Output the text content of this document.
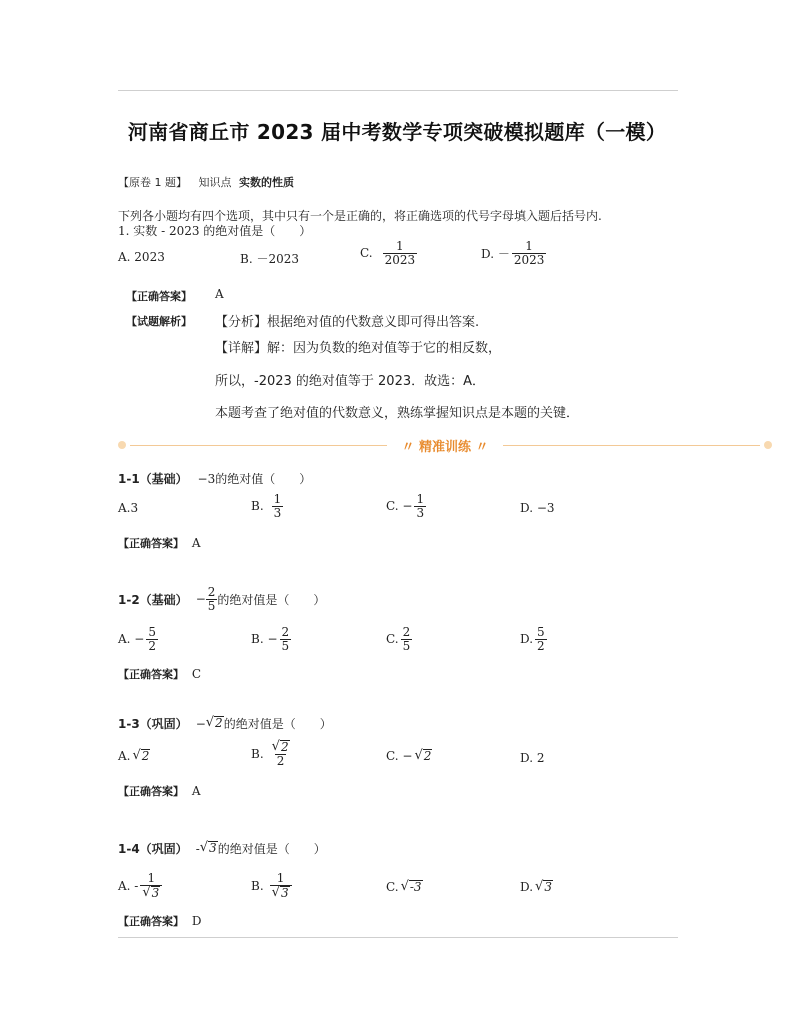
河南省商丘市 2023 届中考数学专项突破模拟题库（一模）
【原卷 1 题】 知识点 实数的性质
下列各小题均有四个选项，其中只有一个是正确的，将正确选项的代号字母填入题后括号内.
1. 实数 - 2023 的绝对值是（　　）
A. 2023	B. －2023	C. $\frac{1}{2023}$	D. － $\frac{1}{2023}$
【正确答案】 A
【试题解析】 【分析】根据绝对值的代数意义即可得出答案.
【详解】解：因为负数的绝对值等于它的相反数，
所以，-2023 的绝对值等于 2023．故选：A．
本题考查了绝对值的代数意义，熟练掌握知识点是本题的关键．
〃 精准训练 〃
1-1（基础） −3的绝对值（　　）
A.3	B. $\frac{1}{3}$	C. − $\frac{1}{3}$	D. −3
【正确答案】 A
1-2（基础） − $\frac{2}{5}$ 的绝对值是（　　）
A. − $\frac{5}{2}$	B. − $\frac{2}{5}$	C. $\frac{2}{5}$	D. $\frac{5}{2}$
【正确答案】 C
1-3（巩固） − √ 2 的绝对值是（　　）
A. √ 2	B. $\frac{√ 2}{2}$	C. − √ 2	D. 2
【正确答案】 A
1-4（巩固） - √ 3 的绝对值是（　　）
A. - $\frac{1}{√ 3}$	B. $\frac{1}{√ 3}$	C. √ -3	D. √ 3
【正确答案】 D
